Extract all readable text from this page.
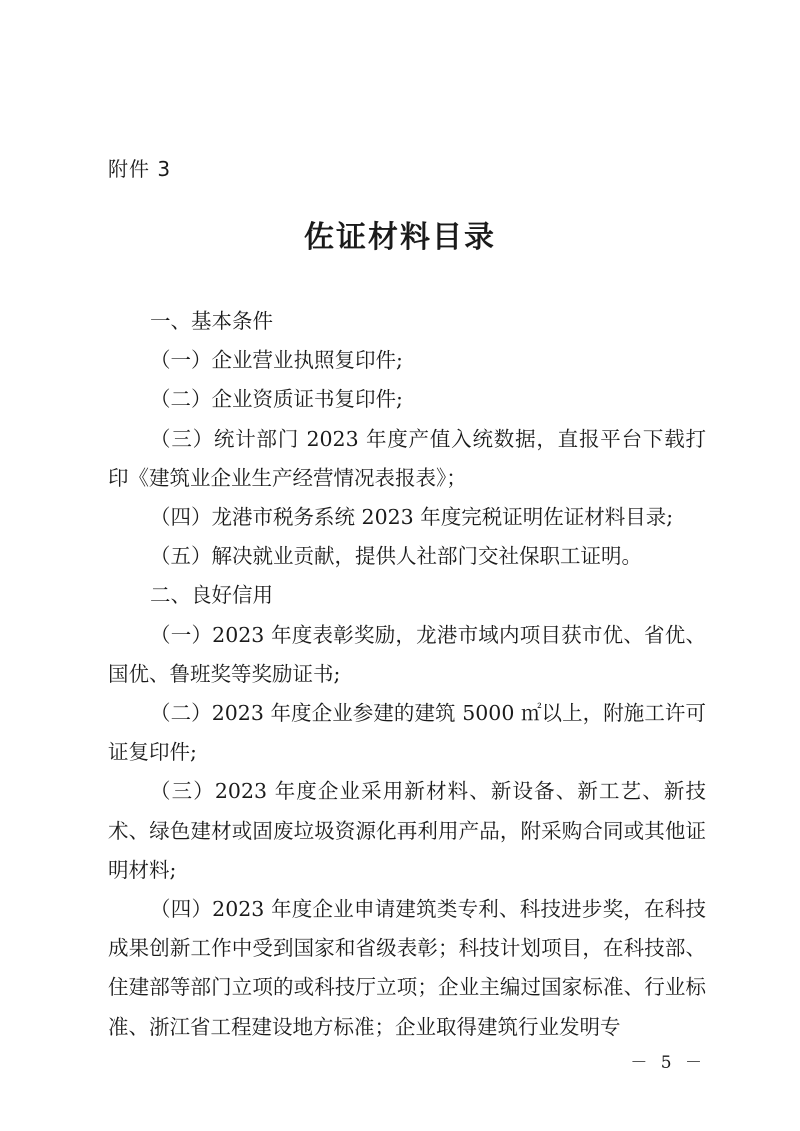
附件 3
佐证材料目录

一、基本条件

（一）企业营业执照复印件;

（二）企业资质证书复印件;

（三）统计部门 2023 年度产值入统数据，直报平台下载打印《建筑业企业生产经营情况表报表》；

（四）龙港市税务系统 2023 年度完税证明佐证材料目录;

（五）解决就业贡献，提供人社部门交社保职工证明。

二、良好信用

（一）2023 年度表彰奖励，龙港市域内项目获市优、省优、国优、鲁班奖等奖励证书;

（二）2023 年度企业参建的建筑 5000 ㎡以上，附施工许可证复印件;

（三）2023 年度企业采用新材料、新设备、新工艺、新技术、绿色建材或固废垃圾资源化再利用产品，附采购合同或其他证明材料;

（四）2023 年度企业申请建筑类专利、科技进步奖，在科技成果创新工作中受到国家和省级表彰；科技计划项目，在科技部、住建部等部门立项的或科技厅立项；企业主编过国家标准、行业标准、浙江省工程建设地方标准；企业取得建筑行业发明专

－ 5 －
